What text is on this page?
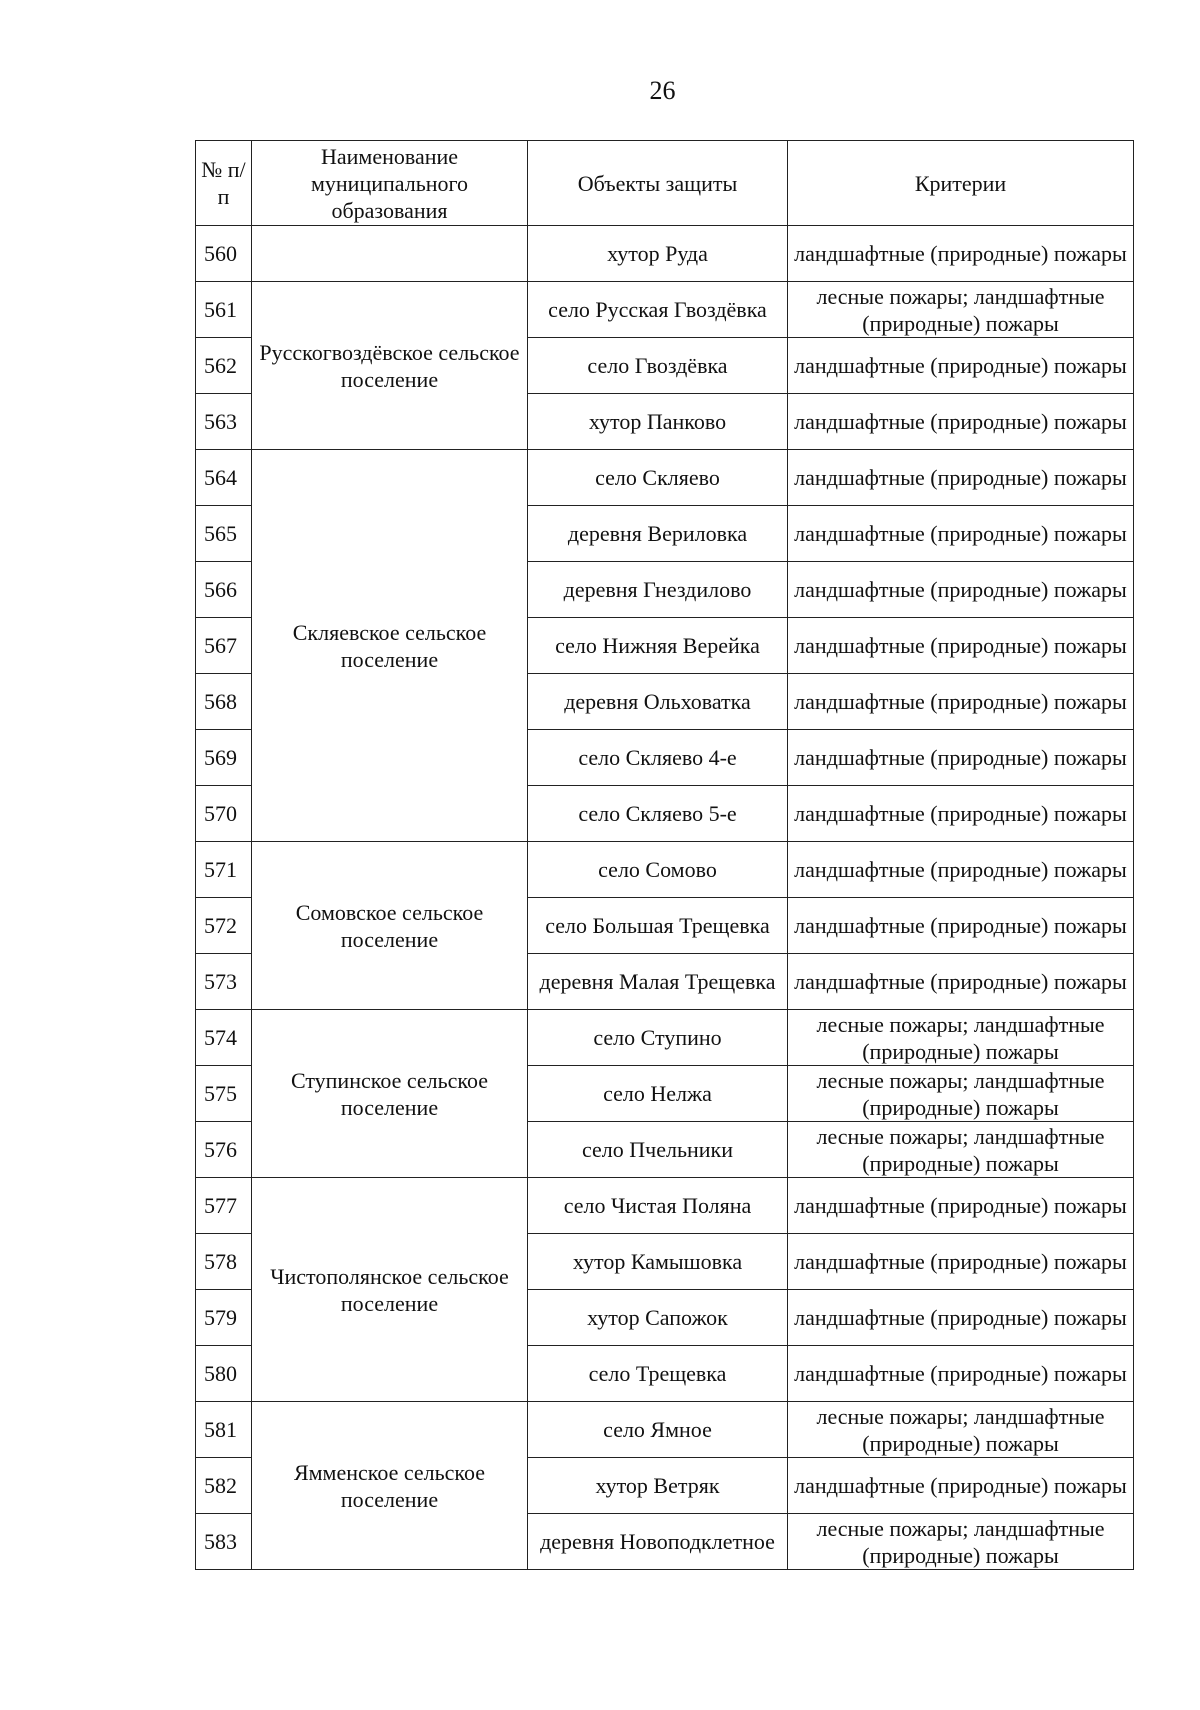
26
№ п/п	Наименование муниципального образования	Объекты защиты	Критерии
560		хутор Руда	ландшафтные (природные) пожары
561	Русскогвоздёвское сельское поселение	село Русская Гвоздёвка	лесные пожары; ландшафтные (природные) пожары
562		село Гвоздёвка	ландшафтные (природные) пожары
563		хутор Панково	ландшафтные (природные) пожары
564	Скляевское сельское поселение	село Скляево	ландшафтные (природные) пожары
565		деревня Вериловка	ландшафтные (природные) пожары
566		деревня Гнездилово	ландшафтные (природные) пожары
567		село Нижняя Верейка	ландшафтные (природные) пожары
568		деревня Ольховатка	ландшафтные (природные) пожары
569		село Скляево 4-е	ландшафтные (природные) пожары
570		село Скляево 5-е	ландшафтные (природные) пожары
571	Сомовское сельское поселение	село Сомово	ландшафтные (природные) пожары
572		село Большая Трещевка	ландшафтные (природные) пожары
573		деревня Малая Трещевка	ландшафтные (природные) пожары
574	Ступинское сельское поселение	село Ступино	лесные пожары; ландшафтные (природные) пожары
575		село Нелжа	лесные пожары; ландшафтные (природные) пожары
576		село Пчельники	лесные пожары; ландшафтные (природные) пожары
577	Чистополянское сельское поселение	село Чистая Поляна	ландшафтные (природные) пожары
578		хутор Камышовка	ландшафтные (природные) пожары
579		хутор Сапожок	ландшафтные (природные) пожары
580		село Трещевка	ландшафтные (природные) пожары
581	Ямменское сельское поселение	село Ямное	лесные пожары; ландшафтные (природные) пожары
582		хутор Ветряк	ландшафтные (природные) пожары
583		деревня Новоподклетное	лесные пожары; ландшафтные (природные) пожары
